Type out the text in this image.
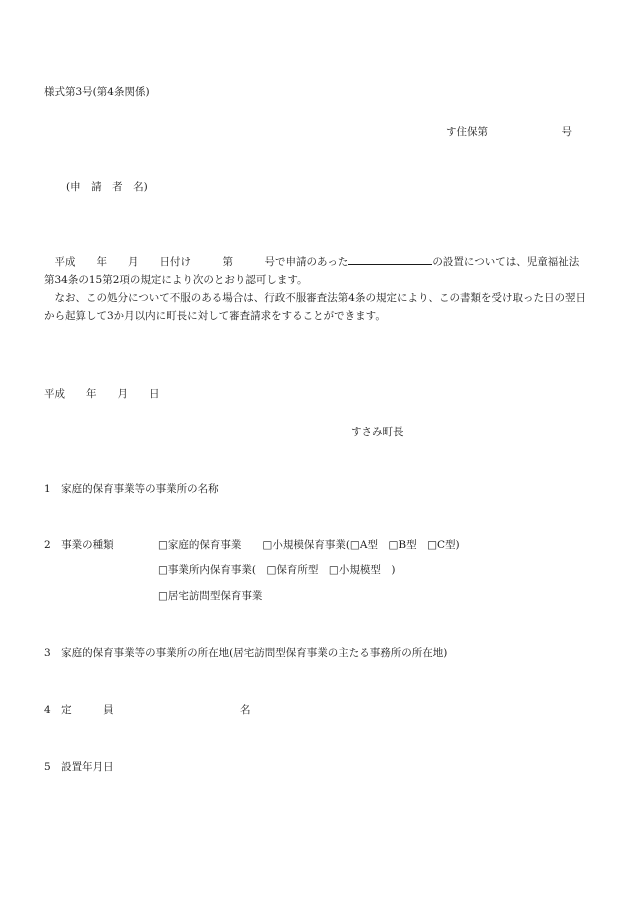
様式第3号(第4条関係)
す住保第　　　　　　　号
(申　請　者　名)

平成　　年　　月　　日付け　　　第　　　号で申請のあった	の設置については、児童福祉法第34条の15第2項の規定により次のとおり認可します。

なお、この処分について不服のある場合は、行政不服審査法第4条の規定により、この書類を受け取った日の翌日から起算して3か月以内に町長に対して審査請求をすることができます。

平成　　年　　月　　日
すさみ町長
1　家庭的保育事業等の事業所の名称
2　事業の種類	□家庭的保育事業　　□小規模保育事業(□A型　□B型　□C型)
□事業所内保育事業(　□保育所型　□小規模型　)
□居宅訪問型保育事業
3　家庭的保育事業等の事業所の所在地(居宅訪問型保育事業の主たる事務所の所在地)
4　定　　　員	名
5　設置年月日
